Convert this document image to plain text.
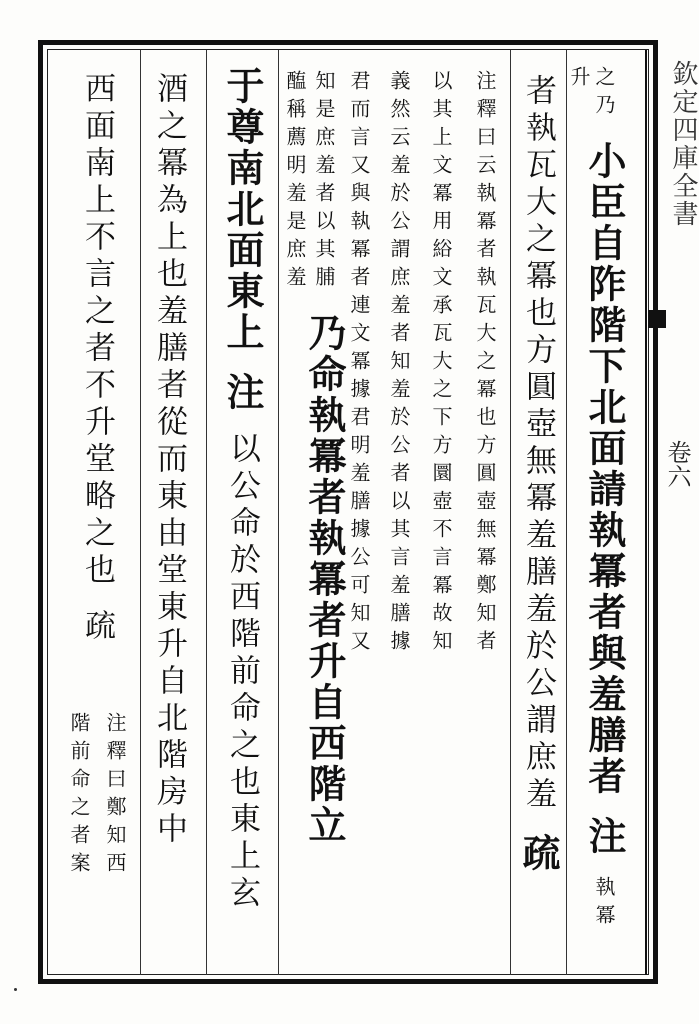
欽定四庫全書
卷六
之乃 小臣自阼階下北面請執冪者與羞膳者 注 執冪
升
者執瓦大之冪也方圓壺無冪羞膳羞於公謂庶羞 疏
注釋曰云執冪者執瓦大之冪也方圓壺無冪鄭知者
以其上文冪用綌文承瓦大之下方圜壺不言冪故知
義然云羞於公謂庶羞者知羞於公者以其言羞膳據
君而言又與執冪者連文冪據君明羞膳據公可知又
知是庶羞者以其脯 乃命執冪者執冪者升自西階立
醢稱薦明羞是庶羞
于尊南北面東上 注 以公命於西階前命之也東上玄
酒之冪為上也羞膳者從而東由堂東升自北階房中
西面南上不言之者不升堂略之也 疏
注釋曰鄭知西
階前命之者案
